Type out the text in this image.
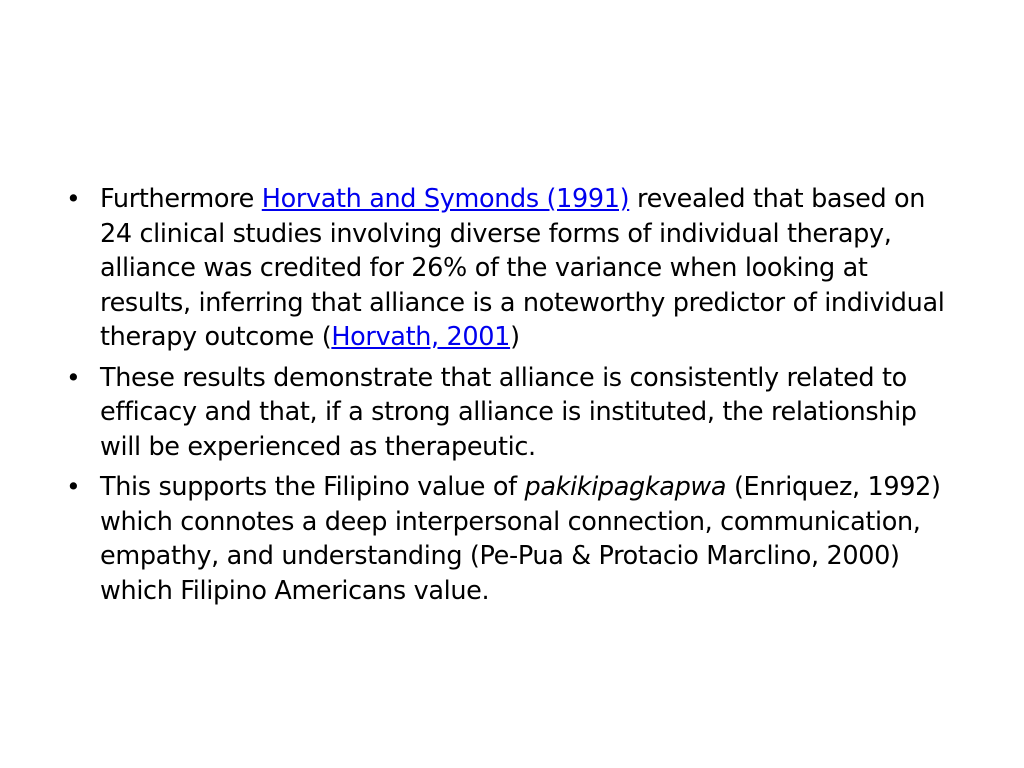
• Furthermore Horvath and Symonds (1991) revealed that based on 24 clinical studies involving diverse forms of individual therapy, alliance was credited for 26% of the variance when looking at results, inferring that alliance is a noteworthy predictor of individual therapy outcome (Horvath, 2001)
• These results demonstrate that alliance is consistently related to efficacy and that, if a strong alliance is instituted, the relationship will be experienced as therapeutic.
• This supports the Filipino value of pakikipagkapwa (Enriquez, 1992) which connotes a deep interpersonal connection, communication, empathy, and understanding (Pe-Pua & Protacio Marclino, 2000) which Filipino Americans value.
